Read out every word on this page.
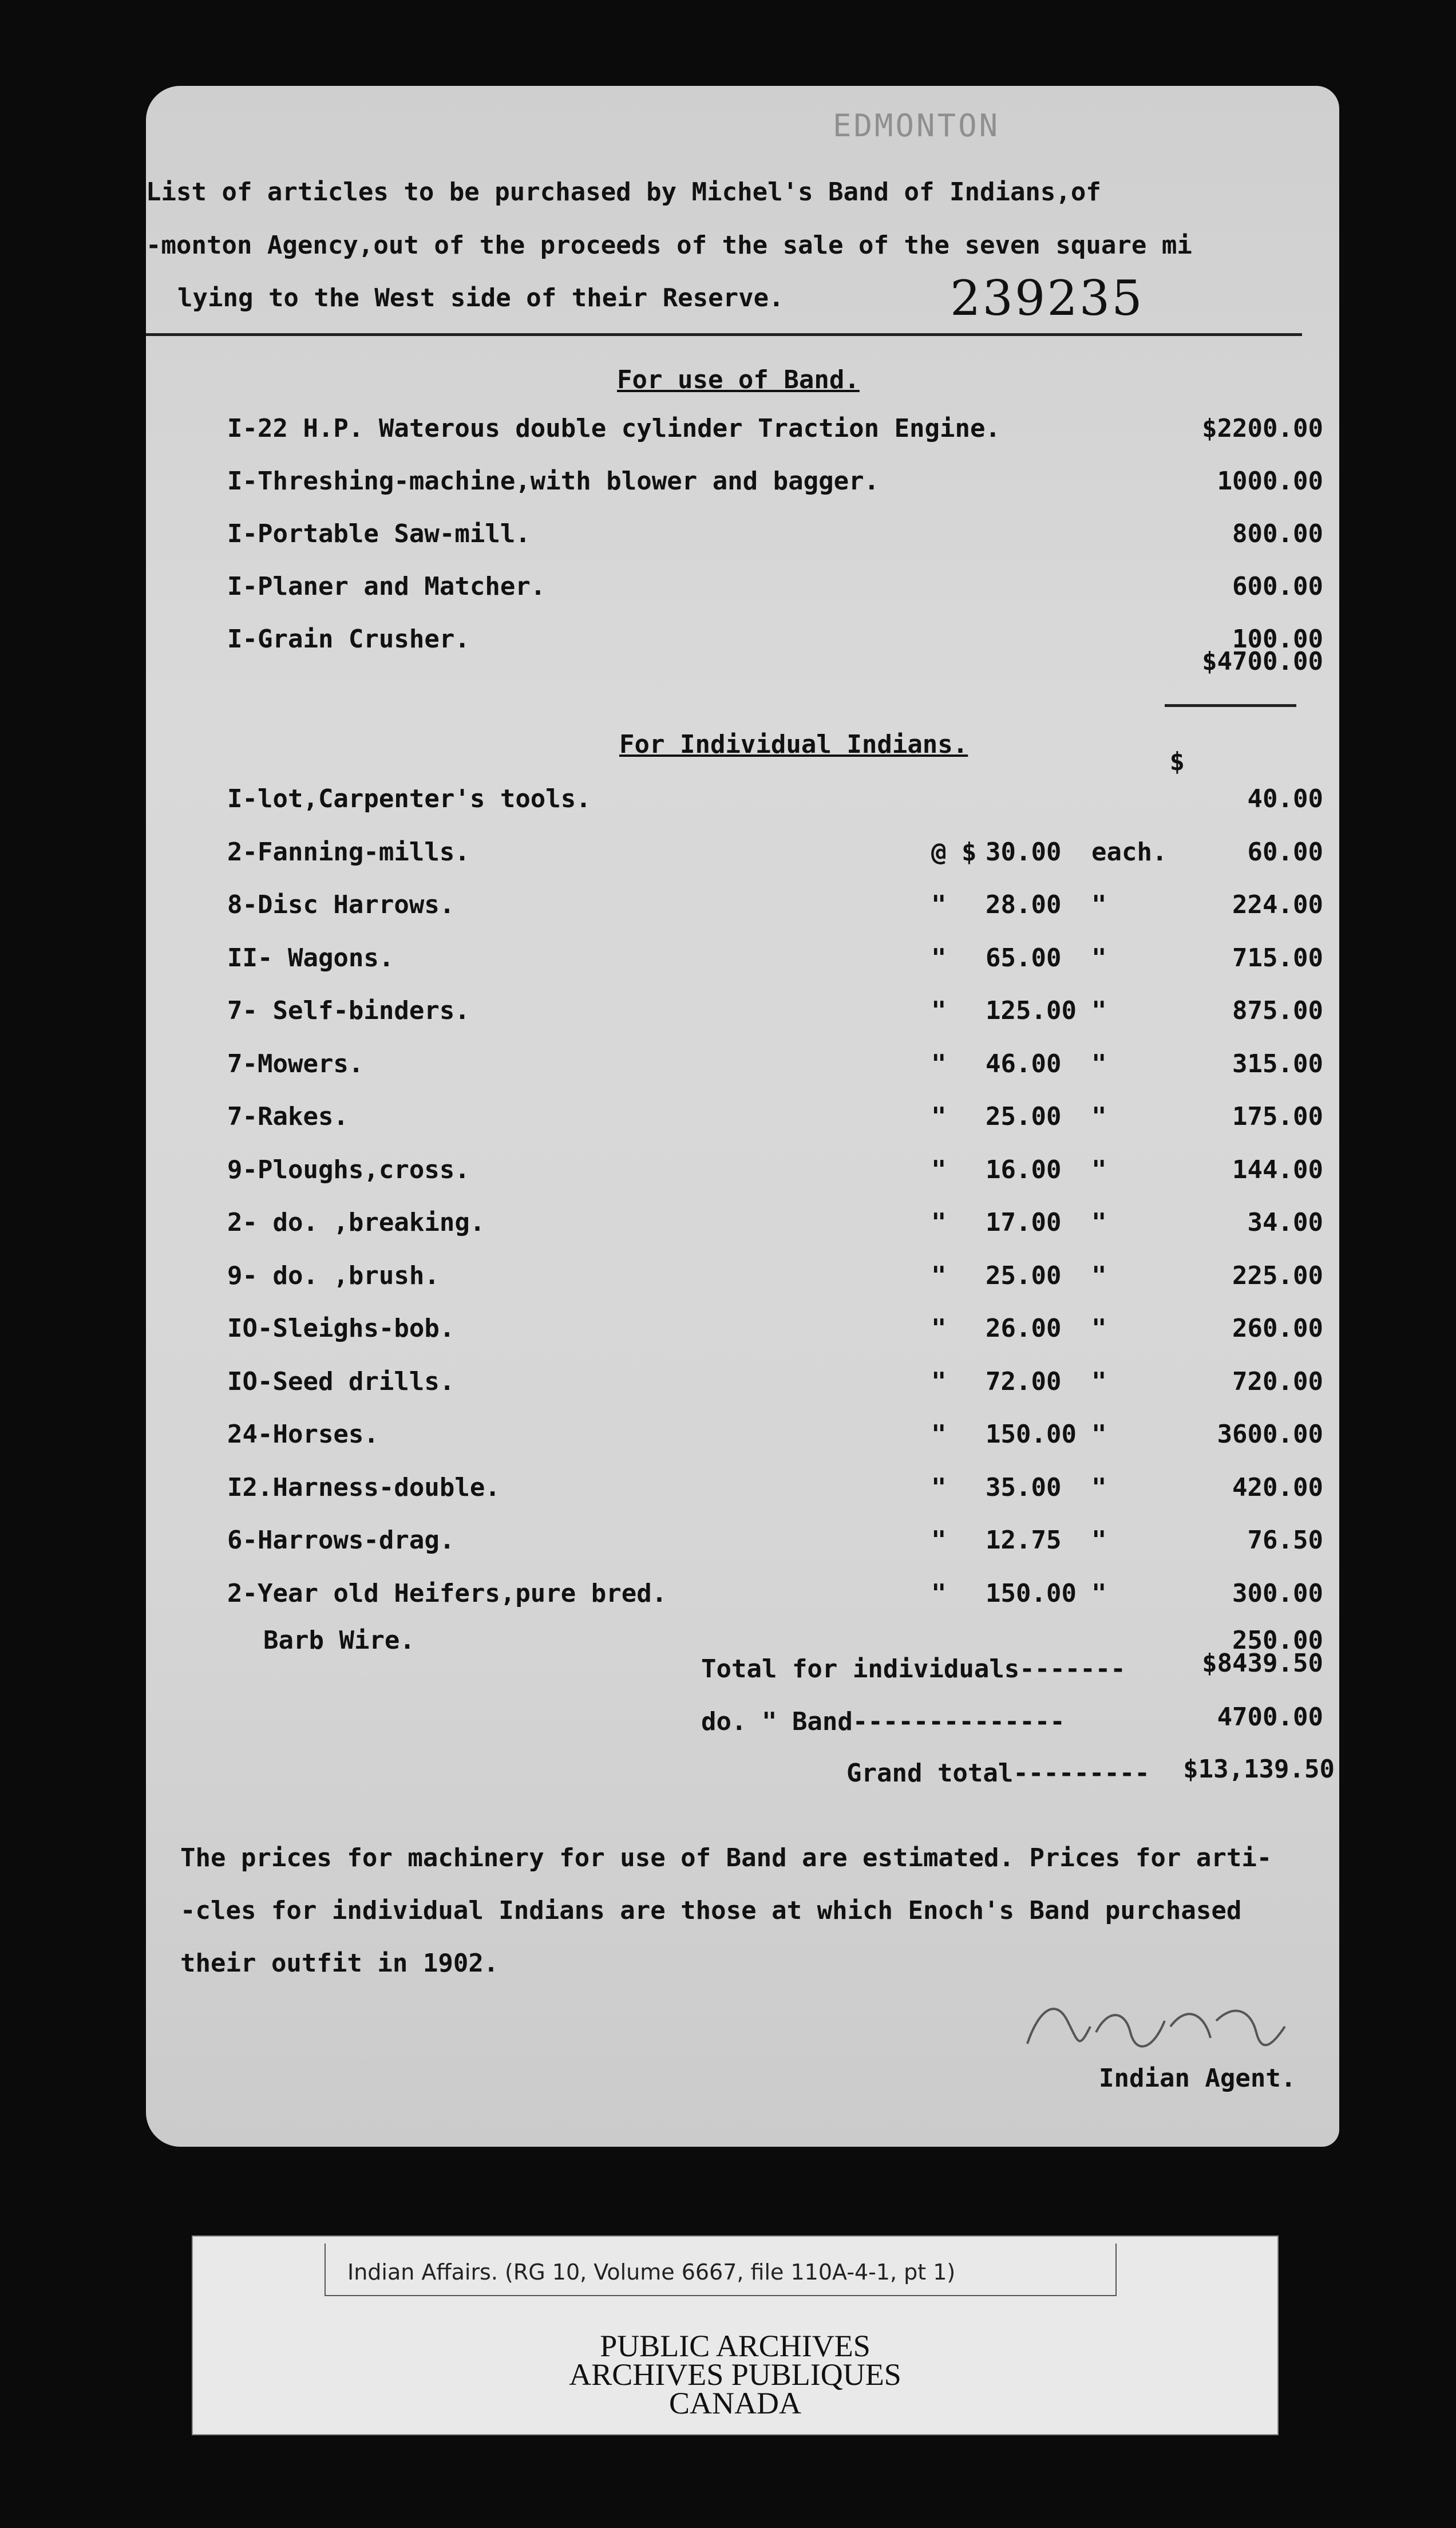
EDMONTON
List of articles to be purchased by Michel's Band of Indians,of
-monton Agency,out of the proceeds of the sale of the seven square mi
lying to the West side of their Reserve.	239235
For use of Band.
I-22 H.P. Waterous double cylinder Traction Engine.	$2200.00
I-Threshing-machine,with blower and bagger.	1000.00
I-Portable Saw-mill.	800.00
I-Planer and Matcher.	600.00
I-Grain Crusher.	100.00
$4700.00
For Individual Indians.
$
I-lot,Carpenter's tools.	40.00
2-Fanning-mills.	@ $ 30.00 each.	60.00
8-Disc Harrows.	" 28.00 "	224.00
II- Wagons.	" 65.00 "	715.00
7- Self-binders.	" 125.00 "	875.00
7-Mowers.	" 46.00 "	315.00
7-Rakes.	" 25.00 "	175.00
9-Ploughs,cross.	" 16.00 "	144.00
2- do. ,breaking.	" 17.00 "	34.00
9- do. ,brush.	" 25.00 "	225.00
IO-Sleighs-bob.	" 26.00 "	260.00
IO-Seed drills.	" 72.00 "	720.00
24-Horses.	" 150.00 "	3600.00
I2.Harness-double.	" 35.00 "	420.00
6-Harrows-drag.	" 12.75 "	76.50
2-Year old Heifers,pure bred.	" 150.00 "	300.00
Barb Wire.	250.00
Total for individuals-------	$8439.50
do. " Band--------------	4700.00
Grand total--------- $13,139.50
The prices for machinery for use of Band are estimated. Prices for arti-
-cles for individual Indians are those at which Enoch's Band purchased
their outfit in 1902.
Indian Agent.
Indian Affairs. (RG 10, Volume 6667, file 110A-4-1, pt 1)
PUBLIC ARCHIVES
ARCHIVES PUBLIQUES
CANADA
